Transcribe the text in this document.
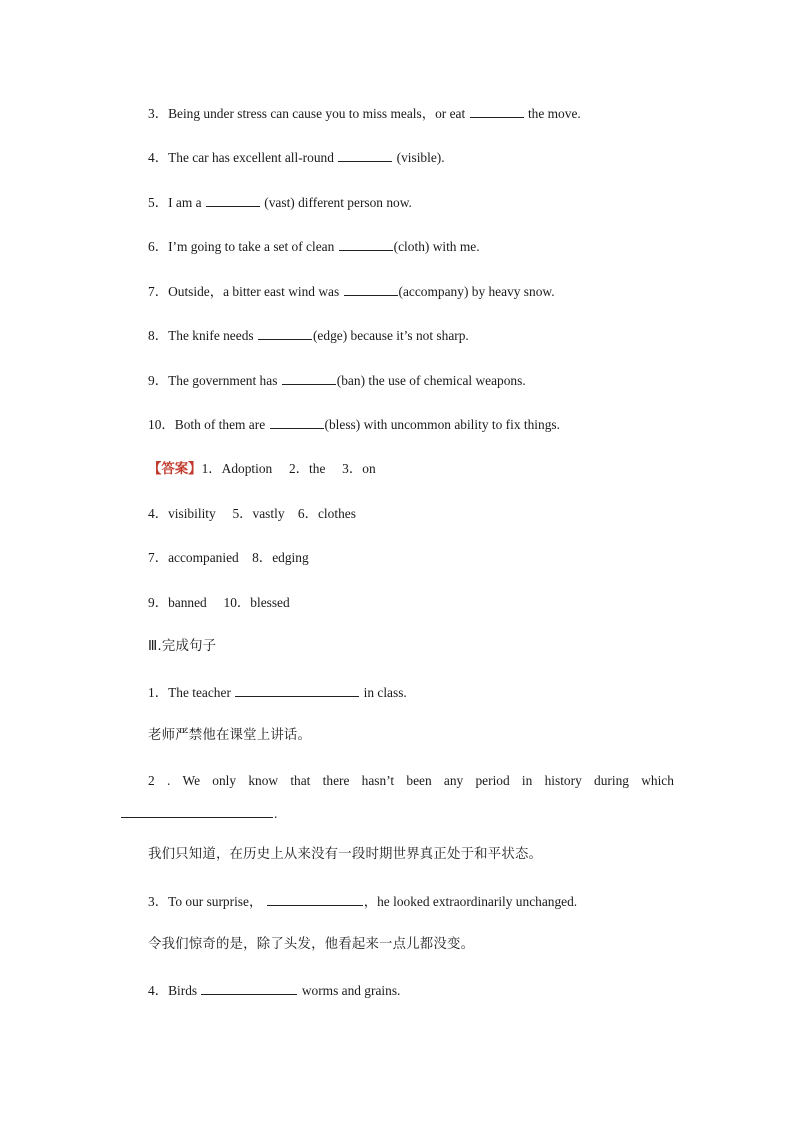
3．Being under stress can cause you to miss meals，or eat	the move.
4．The car has excellent all-round	(visible).
5．I am a	(vast) different person now.
6．I’m going to take a set of clean	(cloth) with me.
7．Outside，a bitter east wind was	(accompany) by heavy snow.
8．The knife needs	(edge) because it’s not sharp.
9．The government has	(ban) the use of chemical weapons.
10．Both of them are	(bless) with uncommon ability to fix things.
【答案】1．Adoption     2．the     3．on
4．visibility     5．vastly    6．clothes
7．accompanied    8．edging
9．banned     10．blessed
Ⅲ.完成句子
1．The teacher	in class.
老师严禁他在课堂上讲话。
2 . We only know that there hasn’t been any period in history during which
.
我们只知道，在历史上从来没有一段时期世界真正处于和平状态。
3．To our surprise，	，he looked extraordinarily unchanged.
令我们惊奇的是，除了头发，他看起来一点儿都没变。
4．Birds	worms and grains.
